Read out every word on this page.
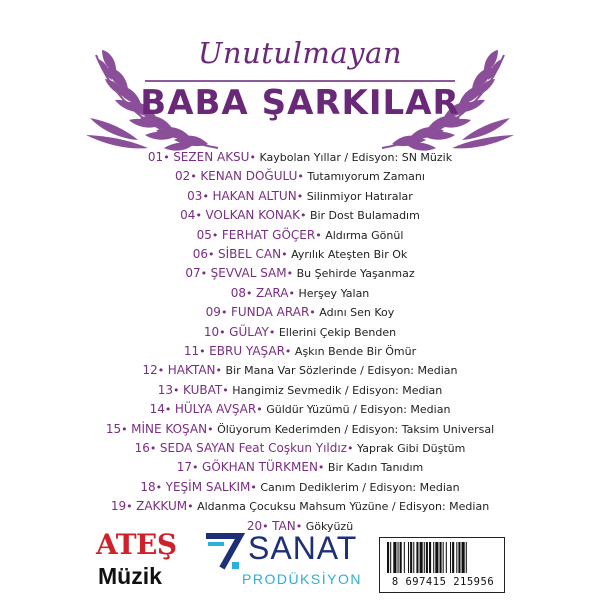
Unutulmayan
BABA ŞARKILAR
01• SEZEN AKSU• Kaybolan Yıllar / Edisyon: SN Müzik
02• KENAN DOĞULU• Tutamıyorum Zamanı
03• HAKAN ALTUN• Silinmiyor Hatıralar
04• VOLKAN KONAK• Bir Dost Bulamadım
05• FERHAT GÖÇER• Aldırma Gönül
06• SİBEL CAN• Ayrılık Ateşten Bir Ok
07• ŞEVVAL SAM• Bu Şehirde Yaşanmaz
08• ZARA• Herşey Yalan
09• FUNDA ARAR• Adını Sen Koy
10• GÜLAY• Ellerini Çekip Benden
11• EBRU YAŞAR• Aşkın Bende Bir Ömür
12• HAKTAN• Bir Mana Var Sözlerinde / Edisyon: Median
13• KUBAT• Hangimiz Sevmedik / Edisyon: Median
14• HÜLYA AVŞAR• Güldür Yüzümü / Edisyon: Median
15• MİNE KOŞAN• Ölüyorum Kederimden / Edisyon: Taksim Universal
16• SEDA SAYAN Feat Coşkun Yıldız• Yaprak Gibi Düştüm
17• GÖKHAN TÜRKMEN• Bir Kadın Tanıdım
18• YEŞİM SALKIM• Canım Dediklerim / Edisyon: Median
19• ZAKKUM• Aldanma Çocuksu Mahsum Yüzüne / Edisyon: Median
20• TAN• Gökyüzü
ATEŞ
Müzik
SANAT
PRODÜKSİYON	8 697415 215956
